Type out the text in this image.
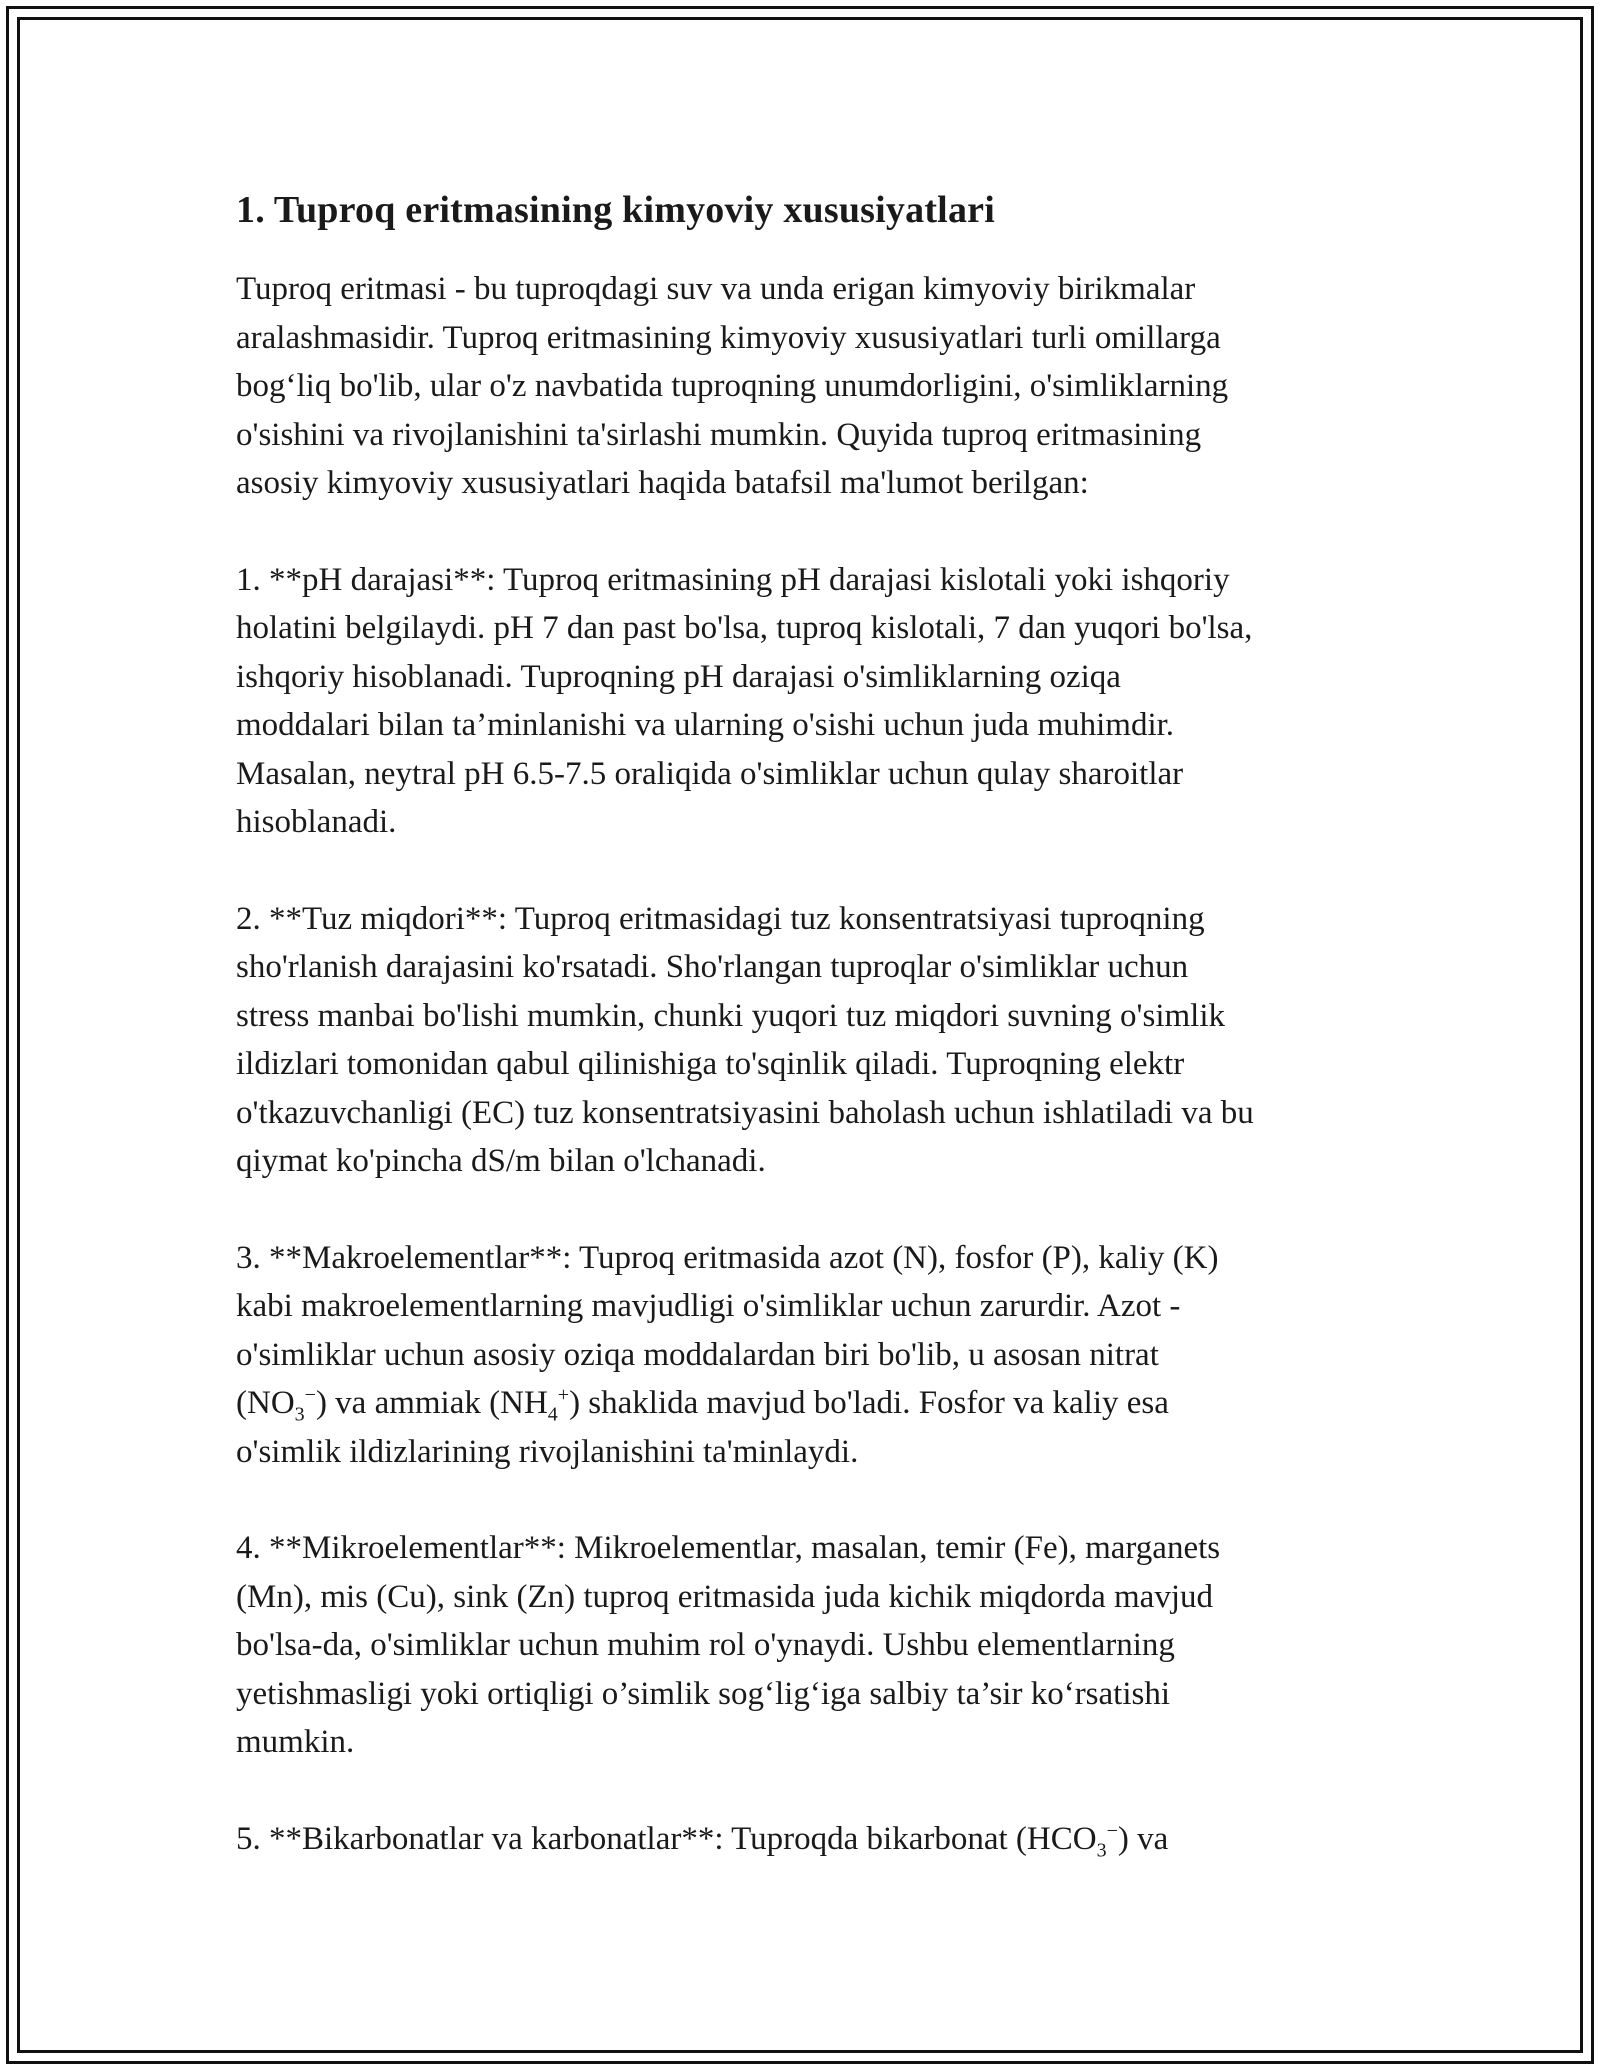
1. Tuproq eritmasining kimyoviy xususiyatlari

Tuproq eritmasi - bu tuproqdagi suv va unda erigan kimyoviy birikmalar
aralashmasidir. Tuproq eritmasining kimyoviy xususiyatlari turli omillarga
bog‘liq bo'lib, ular o'z navbatida tuproqning unumdorligini, o'simliklarning
o'sishini va rivojlanishini ta'sirlashi mumkin. Quyida tuproq eritmasining
asosiy kimyoviy xususiyatlari haqida batafsil ma'lumot berilgan:

1. **pH darajasi**: Tuproq eritmasining pH darajasi kislotali yoki ishqoriy
holatini belgilaydi. pH 7 dan past bo'lsa, tuproq kislotali, 7 dan yuqori bo'lsa,
ishqoriy hisoblanadi. Tuproqning pH darajasi o'simliklarning oziqa
moddalari bilan ta’minlanishi va ularning o'sishi uchun juda muhimdir.
Masalan, neytral pH 6.5-7.5 oraliqida o'simliklar uchun qulay sharoitlar
hisoblanadi.

2. **Tuz miqdori**: Tuproq eritmasidagi tuz konsentratsiyasi tuproqning
sho'rlanish darajasini ko'rsatadi. Sho'rlangan tuproqlar o'simliklar uchun
stress manbai bo'lishi mumkin, chunki yuqori tuz miqdori suvning o'simlik
ildizlari tomonidan qabul qilinishiga to'sqinlik qiladi. Tuproqning elektr
o'tkazuvchanligi (EC) tuz konsentratsiyasini baholash uchun ishlatiladi va bu
qiymat ko'pincha dS/m bilan o'lchanadi.

3. **Makroelementlar**: Tuproq eritmasida azot (N), fosfor (P), kaliy (K)
kabi makroelementlarning mavjudligi o'simliklar uchun zarurdir. Azot -
o'simliklar uchun asosiy oziqa moddalardan biri bo'lib, u asosan nitrat
$(NO_3^-)$ va ammiak $(NH_4^+)$ shaklida mavjud bo'ladi. Fosfor va kaliy esa
o'simlik ildizlarining rivojlanishini ta'minlaydi.

4. **Mikroelementlar**: Mikroelementlar, masalan, temir (Fe), marganets
(Mn), mis (Cu), sink (Zn) tuproq eritmasida juda kichik miqdorda mavjud
bo'lsa-da, o'simliklar uchun muhim rol o'ynaydi. Ushbu elementlarning
yetishmasligi yoki ortiqligi o’simlik sog‘lig‘iga salbiy ta’sir ko‘rsatishi
mumkin.

5. **Bikarbonatlar va karbonatlar**: Tuproqda bikarbonat $(HCO_3^-)$ va
